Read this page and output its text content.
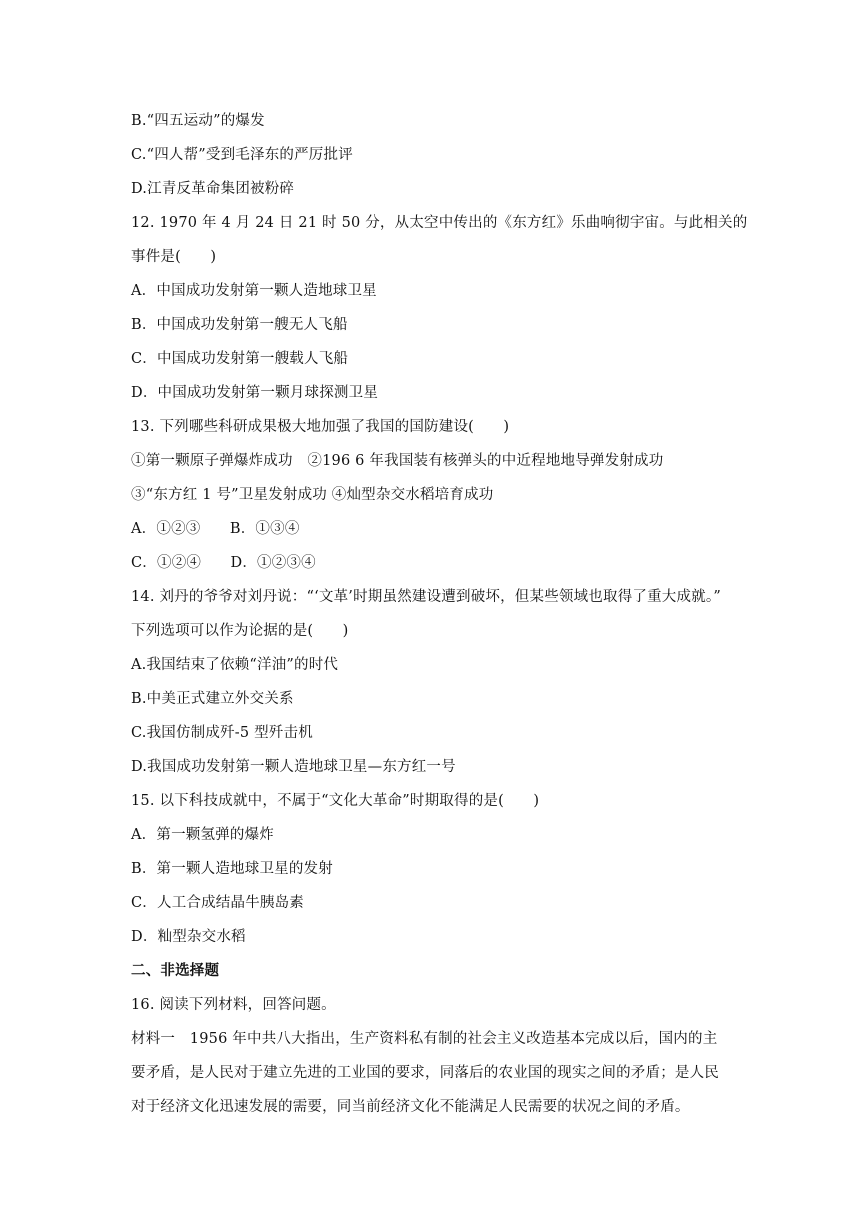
B.“四五运动”的爆发
C.“四人帮”受到毛泽东的严厉批评
D.江青反革命集团被粉碎
12. 1970 年 4 月 24 日 21 时 50 分，从太空中传出的《东方红》乐曲响彻宇宙。与此相关的
事件是(　　)
A．中国成功发射第一颗人造地球卫星
B．中国成功发射第一艘无人飞船
C．中国成功发射第一艘载人飞船
D．中国成功发射第一颗月球探测卫星
13. 下列哪些科研成果极大地加强了我国的国防建设(　　)
①第一颗原子弹爆炸成功　②196 6 年我国装有核弹头的中近程地地导弹发射成功
③“东方红 1 号”卫星发射成功 ④灿型杂交水稻培育成功
A．①②③　　B．①③④
C．①②④　　D．①②③④
14. 刘丹的爷爷对刘丹说：“‘文革’时期虽然建设遭到破坏，但某些领域也取得了重大成就。”
下列选项可以作为论据的是(　　)
A.我国结束了依赖“洋油”的时代
B.中美正式建立外交关系
C.我国仿制成歼-5 型歼击机
D.我国成功发射第一颗人造地球卫星—东方红一号
15. 以下科技成就中，不属于“文化大革命”时期取得的是(　　)
A．第一颗氢弹的爆炸
B．第一颗人造地球卫星的发射
C．人工合成结晶牛胰岛素
D．籼型杂交水稻
二、非选择题
16. 阅读下列材料，回答问题。
材料一　1956 年中共八大指出，生产资料私有制的社会主义改造基本完成以后，国内的主
要矛盾，是人民对于建立先进的工业国的要求，同落后的农业国的现实之间的矛盾；是人民
对于经济文化迅速发展的需要，同当前经济文化不能满足人民需要的状况之间的矛盾。
